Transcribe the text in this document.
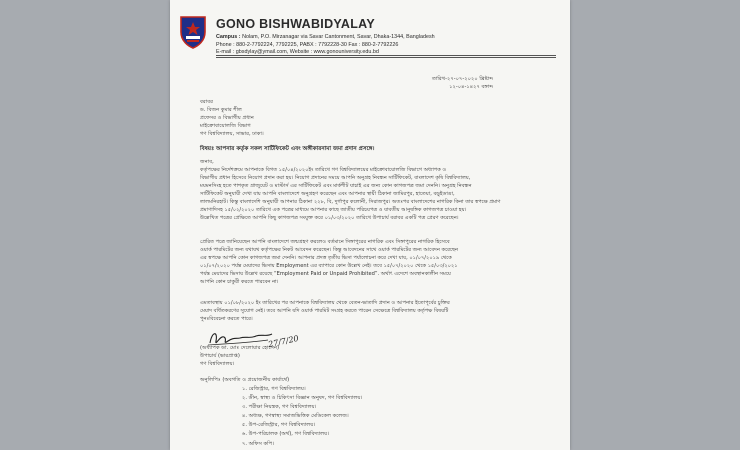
GONO BISHWABIDYALAY
Campus : Nolam, P.O. Mirzanagar via Savar Cantonment, Savar, Dhaka-1344, Bangladesh
Phone : 880-2-7792224, 7792225, PABX : 7792228-30 Fax : 880-2-7792226
E-mail : gbsdylay@ymail.com, Website : www.gonouniversity.edu.bd
তারিখ-২৭-০৭-২০২০ খ্রিষ্টাব্দ
১২-০৪-১৪২৭ বঙ্গাব্দ
বরাবর
ড. বিজন কুমার শীল
প্রফেসর ও বিভাগীয় প্রধান
মাইক্রোবায়োলজি বিভাগ
গণ বিশ্ববিদ্যালয়, সাভার, ঢাকা।
বিষয়ঃ আপনার কর্তৃক সকল সার্টিফিকেট এবং অঙ্গীকারনামা জমা প্রদান প্রসঙ্গে।
জনাব,
কর্তৃপক্ষের নির্দেশক্রমে আপনাকে বিগত ১৫/০৪/২০২০ইং তারিখে গণ বিশ্ববিদ্যালয়ের মাইক্রোবায়োলজি বিভাগে অধ্যাপক ও
বিভাগীয় প্রধান হিসেবে নিয়োগ প্রদান করা হয়। নিয়োগ প্রদানের সময়ে আপনি অনুগ্রহ নিবন্ধন সার্টিফিকেট, বাংলাদেশ কৃষি বিশ্ববিদ্যালয়,
ময়মনসিংহ হতে পাশকৃত গ্রাজুয়েট ও মাস্টার্স এর সার্টিফিকেট এবং মার্কশীট যাচাই এর জন্য কোন কাগজপত্র জমা দেননি। অনুগ্রহ নিবন্ধন
সার্টিফিকেট অনুযায়ী দেখা যায় আপনি বাংলাদেশে অনুগ্রহণ করেছেন এবং আপনার স্থায়ী ঠিকানা জামিরপুর, হাতেয়া, বড়ুইডাঙা,
লালমনিরহাট। কিন্তু বাংলাদেশি অনুযায়ী আপনার ঠিকানা ২২৮, বি, দুর্গাপুর কলোনী, সিরাজপুর। অতঃপর বাংলাদেশের নাগরিক কিনা তার স্বপক্ষে প্রমাণ
প্রমাণাদিসহ ১৫/০২/২০২০ তারিখে এক পত্রের মাধ্যমে আপনার কাছে জাতীয় পরিচয়পত্র ও যাবতীয় আনুষঙ্গিক কাগজপত্র চাওয়া হয়।
উল্লেখিত পত্রের প্রেক্ষিতে আপনি কিছু কাগজপত্র সংযুক্ত করে ০১/০৩/২০২০ তারিখে উপাচার্য বরাবর একটি পত্র প্রেরণ করেছেন।
প্রেরিত পত্রে জানিয়েছেন আপনি বাংলাদেশে জন্মগ্রহণ করলেও বর্তমানে সিঙ্গাপুরের নাগরিক এবং সিঙ্গাপুরের নাগরিক হিসেবে
ওয়ার্ক পারমিটের জন্য যথাযথ কর্তৃপক্ষের নিকট আবেদন করেছেন। কিন্তু আবেদনের সাথে ওয়ার্ক পারমিটের জন্য আবেদন করেছেন
এর স্বপক্ষে আপনি কোন কাগজপত্র জমা দেননি। আপনার প্রদত্ত তৃতীয় ভিসা পর্যালোচনা করে দেখা যায়, ০১/০৭/২০১৯ থেকে
০১/০৭/২০২০ পর্যন্ত মেয়াদের ভিসায় Employment এর ব্যাপারে কোন উল্লেখ নেই। তবে ১৫/০৭/২০২০ থেকে ১৫/০৩/২০২১
পর্যন্ত মেয়াদের ভিসায় উল্লেখ রয়েছে “Employment Paid or Unpaid Prohibited”. অর্থাৎ এদেশে অবস্থানকালীন সময়ে
আপনি কোন চাকুরী করতে পারবেন না।
এমতাবস্থায় ০১/০৮/২০২০ ইং তারিখের পর আপনাকে বিশ্ববিদ্যালয় থেকে বেতন-ভাতাদি প্রদান ও আপনার ইতোপূর্বের চুক্তির
মেয়াদ বর্ধিতকরণের সুযোগ নেই। তবে আপনি যদি ওয়ার্ক পারমিট সংগ্রহ করতে পারেন সেক্ষেত্রে বিশ্ববিদ্যালয় কর্তৃপক্ষ বিষয়টি
পুনঃবিবেচনা করতে পারে।
27/7/20
(অধ্যাপক ডা. মোঃ দেলোয়ার হোসেন)
উপাচার্য (ভারপ্রাপ্ত)
গণ বিশ্ববিদ্যালয়।
অনুলিপিঃ (অবগতি ও প্রয়োজনীয় কার্যার্থে)
১. রেজিস্ট্রার, গণ বিশ্ববিদ্যালয়।
২. ডীন, স্বাস্থ্য ও চিকিৎসা বিজ্ঞান অনুষদ, গণ বিশ্ববিদ্যালয়।
৩. পরীক্ষা নিয়ন্ত্রক, গণ বিশ্ববিদ্যালয়।
৪. অধ্যক্ষ, গণস্বাস্থ্য সমাজভিত্তিক মেডিকেল কলেজ।
৫. উপ-রেজিস্ট্রার, গণ বিশ্ববিদ্যালয়।
৬. উপ-পরিচালক (অর্থ), গণ বিশ্ববিদ্যালয়।
৭. অফিস কপি।
